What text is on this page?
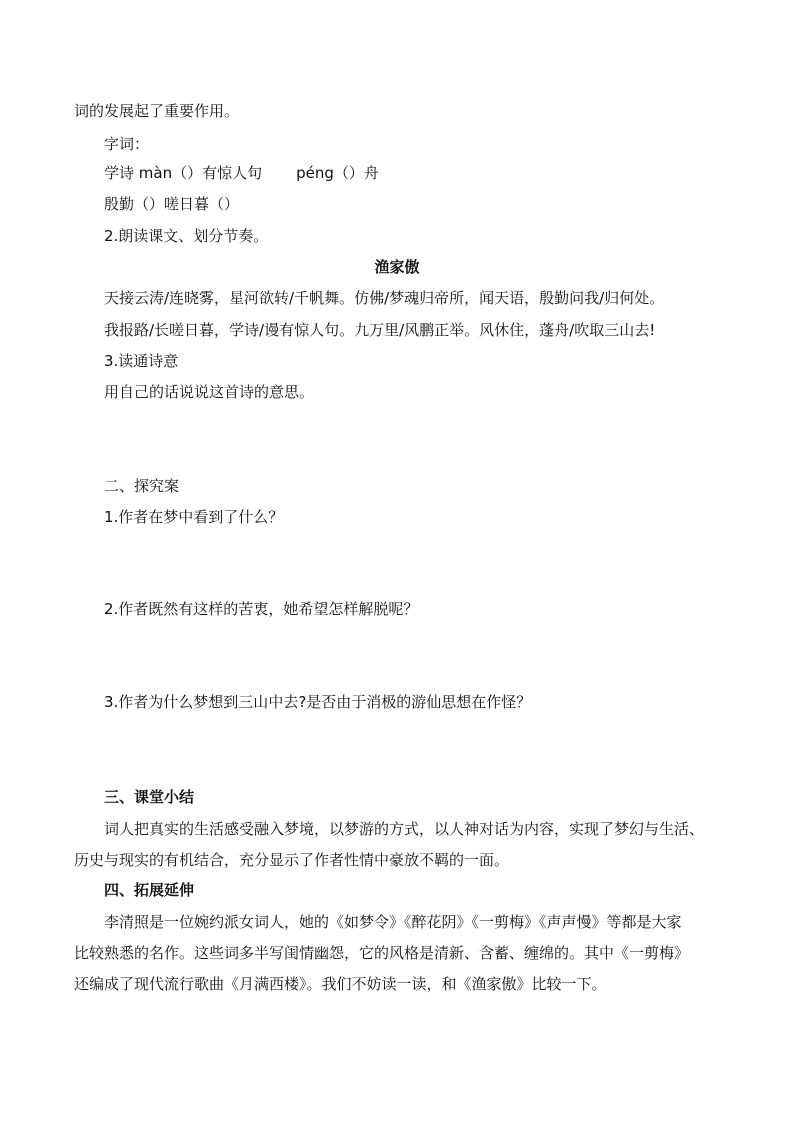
词的发展起了重要作用。
字词：
学诗 màn（）有惊人句 péng（）舟
殷勤（）嗟日暮（）
2.朗读课文、划分节奏。
渔家傲
天接云涛/连晓雾，星河欲转/千帆舞。仿佛/梦魂归帝所，闻天语，殷勤问我/归何处。
我报路/长嗟日暮，学诗/谩有惊人句。九万里/风鹏正举。风休住，蓬舟/吹取三山去!
3.读通诗意
用自己的话说说这首诗的意思。
二、探究案
1.作者在梦中看到了什么？
2.作者既然有这样的苦衷，她希望怎样解脱呢？
3.作者为什么梦想到三山中去?是否由于消极的游仙思想在作怪？
三、课堂小结
词人把真实的生活感受融入梦境，以梦游的方式，以人神对话为内容，实现了梦幻与生活、
历史与现实的有机结合，充分显示了作者性情中豪放不羁的一面。
四、拓展延伸
李清照是一位婉约派女词人，她的《如梦令》《醉花阴》《一剪梅》《声声慢》等都是大家
比较熟悉的名作。这些词多半写闺情幽怨，它的风格是清新、含蓄、缠绵的。其中《一剪梅》
还编成了现代流行歌曲《月满西楼》。我们不妨读一读，和《渔家傲》比较一下。
